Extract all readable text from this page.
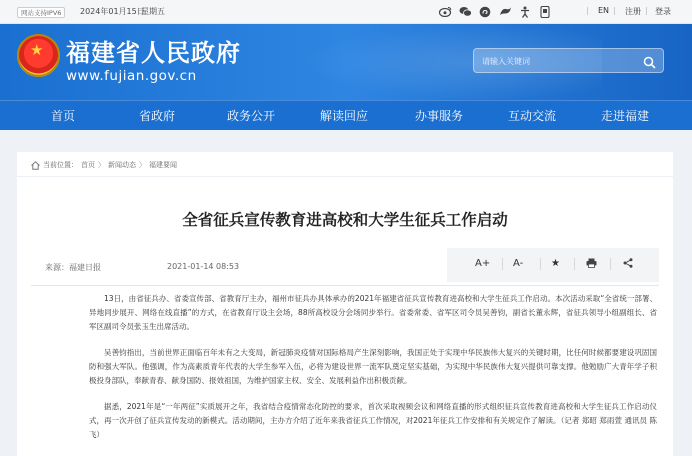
网站支持IPV6	2024年01月15日
星期五	| EN | 注册 | 登录
★ 福建省人民政府
www.fujian.gov.cn
请输入关键词
首页	省政府	政务公开	解读回应	办事服务	互动交流	走进福建
当前位置： 首页 〉 新闻动态 〉 福建要闻
全省征兵宣传教育进高校和大学生征兵工作启动
来源： 福建日报	2021-01-14 08:53	A+ A-	★

13日，由省征兵办、省委宣传部、省教育厅主办，福州市征兵办具体承办的2021年福建省征兵宣传教育进高校和大学生征兵工作启动。本次活动采取“全省统一部署、异地同步展开、网络在线直播”的方式，在省教育厅设主会场，88所高校设分会场同步举行。省委常委、省军区司令员吴善钧，副省长董永辉，省征兵领导小组副组长、省军区副司令员张玉生出席活动。

吴善钧指出，当前世界正面临百年未有之大变局，新冠肺炎疫情对国际格局产生深刻影响，我国正处于实现中华民族伟大复兴的关键时期，比任何时候都要建设巩固国防和强大军队。他强调，作为高素质青年代表的大学生参军入伍，必将为建设世界一流军队奠定坚实基础，为实现中华民族伟大复兴提供可靠支撑。他勉励广大青年学子积极投身部队，奉献青春、献身国防、报效祖国，为维护国家主权、安全、发展利益作出积极贡献。

据悉，2021年是“一年两征”实质展开之年，我省结合疫情常态化防控的要求，首次采取视频会议和网络直播的形式组织征兵宣传教育进高校和大学生征兵工作启动仪式，再一次开创了征兵宣传发动的新模式。活动期间，主办方介绍了近年来我省征兵工作情况，对2021年征兵工作安排和有关规定作了解读。（记者 郑昭 郑雨萱 通讯员 陈飞）
